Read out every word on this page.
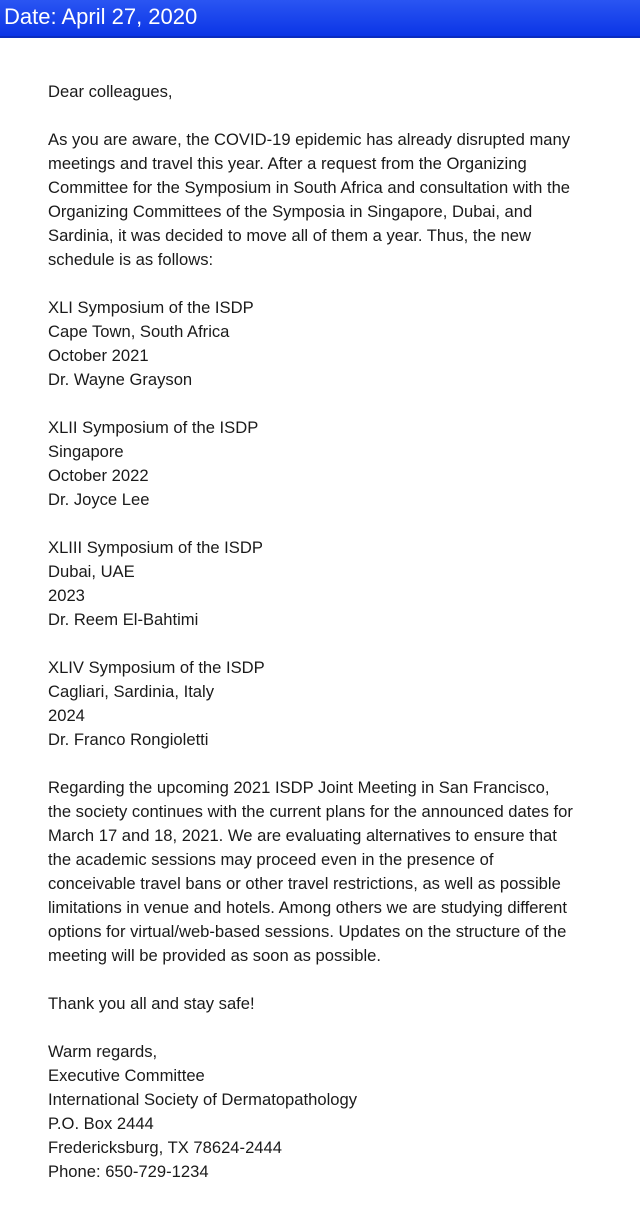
Date: April 27, 2020

Dear colleagues,

As you are aware, the COVID-19 epidemic has already disrupted many
meetings and travel this year. After a request from the Organizing
Committee for the Symposium in South Africa and consultation with the
Organizing Committees of the Symposia in Singapore, Dubai, and
Sardinia, it was decided to move all of them a year. Thus, the new
schedule is as follows:
XLI Symposium of the ISDP
Cape Town, South Africa
October 2021
Dr. Wayne Grayson
XLII Symposium of the ISDP
Singapore
October 2022
Dr. Joyce Lee
XLIII Symposium of the ISDP
Dubai, UAE
2023
Dr. Reem El-Bahtimi
XLIV Symposium of the ISDP
Cagliari, Sardinia, Italy
2024
Dr. Franco Rongioletti
Regarding the upcoming 2021 ISDP Joint Meeting in San Francisco,
the society continues with the current plans for the announced dates for
March 17 and 18, 2021. We are evaluating alternatives to ensure that
the academic sessions may proceed even in the presence of
conceivable travel bans or other travel restrictions, as well as possible
limitations in venue and hotels. Among others we are studying different
options for virtual/web-based sessions. Updates on the structure of the
meeting will be provided as soon as possible.

Thank you all and stay safe!

Warm regards,
Executive Committee
International Society of Dermatopathology
P.O. Box 2444
Fredericksburg, TX 78624-2444
Phone: 650-729-1234
